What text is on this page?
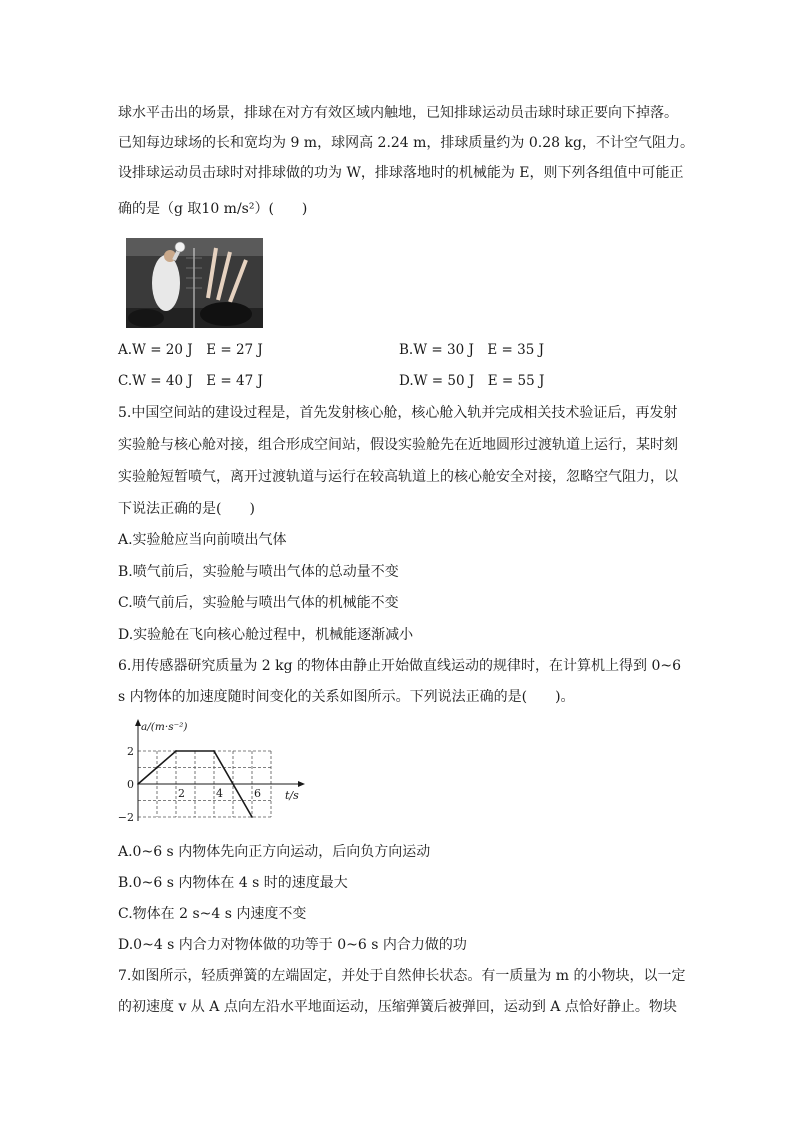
球水平击出的场景，排球在对方有效区域内触地，已知排球运动员击球时球正要向下掉落。
已知每边球场的长和宽均为 9 m，球网高 2.24 m，排球质量约为 0.28 kg，不计空气阻力。
设排球运动员击球时对排球做的功为 W，排球落地时的机械能为 E，则下列各组值中可能正
确的是（g 取10 m/s²）(　　)
A.W = 20 J　E = 27 J	B.W = 30 J　E = 35 J
C.W = 40 J　E = 47 J	D.W = 50 J　E = 55 J
5.中国空间站的建设过程是，首先发射核心舱，核心舱入轨并完成相关技术验证后，再发射
实验舱与核心舱对接，组合形成空间站，假设实验舱先在近地圆形过渡轨道上运行，某时刻
实验舱短暂喷气，离开过渡轨道与运行在较高轨道上的核心舱安全对接，忽略空气阻力，以
下说法正确的是(　　)
A.实验舱应当向前喷出气体
B.喷气前后，实验舱与喷出气体的总动量不变
C.喷气前后，实验舱与喷出气体的机械能不变
D.实验舱在飞向核心舱过程中，机械能逐渐减小
6.用传感器研究质量为 2 kg 的物体由静止开始做直线运动的规律时，在计算机上得到 0~6
s 内物体的加速度随时间变化的关系如图所示。下列说法正确的是(　　)。
2	4	6
2
0
−2
a/(m·s⁻²)
t/s
A.0~6 s 内物体先向正方向运动，后向负方向运动
B.0~6 s 内物体在 4 s 时的速度最大
C.物体在 2 s~4 s 内速度不变
D.0~4 s 内合力对物体做的功等于 0~6 s 内合力做的功
7.如图所示，轻质弹簧的左端固定，并处于自然伸长状态。有一质量为 m 的小物块，以一定
的初速度 v 从 A 点向左沿水平地面运动，压缩弹簧后被弹回，运动到 A 点恰好静止。物块
